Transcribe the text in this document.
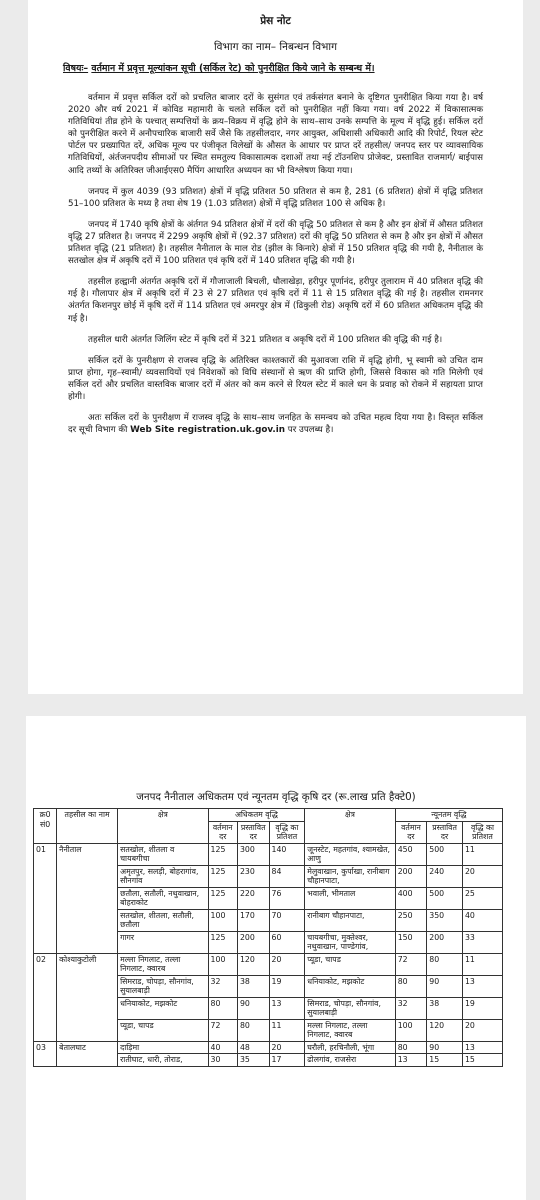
प्रेस नोट
विभाग का नाम– निबन्धन विभाग
विषयः– वर्तमान में प्रवृत्त मूल्यांकन सूची (सर्किल रेट) को पुनरीक्षित किये जाने के सम्बन्ध में।

वर्तमान में प्रवृत्त सर्किल दरों को प्रचलित बाजार दरों के सुसंगत एवं तर्कसंगत बनाने के दृष्टिगत पुनरीक्षित किया गया है। वर्ष 2020 और वर्ष 2021 में कोविड महामारी के चलते सर्किल दरों को पुनरीक्षित नहीं किया गया। वर्ष 2022 में विकासात्मक गतिविधियां तीव्र होने के पश्चात् सम्पत्तियों के क्रय–विक्रय में वृद्धि होने के साथ–साथ उनके सम्पत्ति के मूल्य में वृद्धि हुई। सर्किल दरों को पुनरीक्षित करने में अनौपचारिक बाजारी सर्वे जैसे कि तहसीलदार, नगर आयुक्त, अधिशासी अधिकारी आदि की रिपोर्ट, रियल स्टेट पोर्टल पर प्रख्यापित दरें, अधिक मूल्य पर पंजीकृत विलेखों के औसत के आधार पर प्राप्त दरें तहसील/ जनपद स्तर पर व्यावसायिक गतिविधियों, अंर्तजनपदीय सीमाओं पर स्थित समतुल्य विकासात्मक दशाओं तथा नई टॉउनशिप प्रोजेक्ट, प्रस्तावित राजमार्ग/ बाईपास आदि तथ्यों के अतिरिक्त जीआईएस0 मैपिंग आधारित अध्ययन का भी विश्लेषण किया गया।

जनपद में कुल 4039 (93 प्रतिशत) क्षेत्रों में वृद्धि प्रतिशत 50 प्रतिशत से कम है, 281 (6 प्रतिशत) क्षेत्रों में वृद्धि प्रतिशत 51–100 प्रतिशत के मध्य है तथा शेष 19 (1.03 प्रतिशत) क्षेत्रों में वृद्धि प्रतिशत 100 से अधिक है।

जनपद में 1740 कृषि क्षेत्रों के अंर्तगत 94 प्रतिशत क्षेत्रों में दरों की वृद्धि 50 प्रतिशत से कम है और इन क्षेत्रों में औसत प्रतिशत वृद्धि 27 प्रतिशत है। जनपद में 2299 अकृषि क्षेत्रों में (92.37 प्रतिशत) दरों की वृद्धि 50 प्रतिशत से कम है और इन क्षेत्रों में औसत प्रतिशत वृद्धि (21 प्रतिशत) है। तहसील नैनीताल के माल रोड (झील के किनारे) क्षेत्रों में 150 प्रतिशत वृद्धि की गयी है, नैनीताल के सतखोल क्षेत्र में अकृषि दरों में 100 प्रतिशत एवं कृषि दरों में 140 प्रतिशत वृद्धि की गयी है।

तहसील हल्द्वानी अंतर्गत अकृषि दरों में गौजाजाली बिचली, धौलाखेड़ा, हरीपुर पूर्णानंद, हरीपुर तुलाराम में 40 प्रतिशत वृद्धि की गई है। गौलापार क्षेत्र में अकृषि दरों में 23 से 27 प्रतिशत एवं कृषि दरों में 11 से 15 प्रतिशत वृद्धि की गई है। तहसील रामनगर अंतर्गत किशनपुर छोई में कृषि दरों में 114 प्रतिशत एवं अमरपुर क्षेत्र में (ढिकुली रोड) अकृषि दरों में 60 प्रतिशत अधिकतम वृद्धि की गई है।

तहसील धारी अंतर्गत जिलिंग स्टेट में कृषि दरों में 321 प्रतिशत व अकृषि दरों में 100 प्रतिशत की वृद्धि की गई है।

सर्किल दरों के पुनरीक्षण से राजस्व वृद्धि के अतिरिक्त काश्तकारों की मुआवजा राशि में वृद्धि होगी, भू स्वामी को उचित दाम प्राप्त होगा, गृह–स्वामी/ व्यवसायियों एवं निवेशकों को विधि संस्थानों से ऋण की प्राप्ति होगी, जिससे विकास को गति मिलेगी एवं सर्किल दरों और प्रचलित वास्तविक बाजार दरों में अंतर को कम करने से रियल स्टेट में काले धन के प्रवाह को रोकने में सहायता प्राप्त होगी।

अतः सर्किल दरों के पुनरीक्षण में राजस्व वृद्धि के साथ–साथ जनहित के समन्वय को उचित महत्व दिया गया है। विस्तृत सर्किल दर सूची विभाग की Web Site registration.uk.gov.in पर उपलब्ध है।

जनपद नैनीताल अधिकतम एवं न्यूनतम वृद्धि कृषि दर (रू.लाख प्रति हैक्टे0)
क्र0 सं0	तहसील का नाम	क्षेत्र	अधिकतम वृद्धि			क्षेत्र	न्यूनतम वृद्धि		
			वर्तमान दर	प्रस्तावित दर	वृद्धि का प्रतिशत		वर्तमान दर	प्रस्तावित दर	वृद्धि का प्रतिशत
01	नैनीताल	सतखोल, शीतला व चायबगीचा	125	300	140	जूनस्टेट, महतगांव, श्यामखेत, आणु	450	500	11
		अमृतपुर, सलड़ी, बोहरागांव, सौनगांव	125	230	84	मेलुवाखान, कुर्पाखा, रानीबाग चौहानपाटा,	200	240	20
		छतौला, सतौली, नथुवाखान, बोहराकोट	125	220	76	भवाली, भीमताल	400	500	25
		सतखोल, शीतला, सतौली, छतौला	100	170	70	रानीबाग चौहानपाटा,	250	350	40
		गागर	125	200	60	चायबगीचा, मुक्तेश्वर, नथुवाखान, पाण्डेगांव,	150	200	33
02	कोश्याकुटोली	मल्ला निगलाट, तल्ला निगलाट, क्वारब	100	120	20	प्यूडा, चापड	72	80	11
		सिमराड, चोपड़ा, सौनगांव, सुयालबाड़ी	32	38	19	धनियाकोट, मझकोट	80	90	13
		धनियाकोट, मझकोट	80	90	13	सिमराड, चोपड़ा, सौनगांव, सुयालबाड़ी	32	38	19
		प्यूडा, चापड	72	80	11	मल्ला निगलाट, तल्ला निगलाट, क्वारब	100	120	20
03	बेतालघाट	दाड़िमा	40	48	20	घरौली, हरचिनौली, भूंगा	80	90	13
		रातीघाट, धारी, तोराड,	30	35	17	ढोलगांव, राजसेरा	13	15	15
